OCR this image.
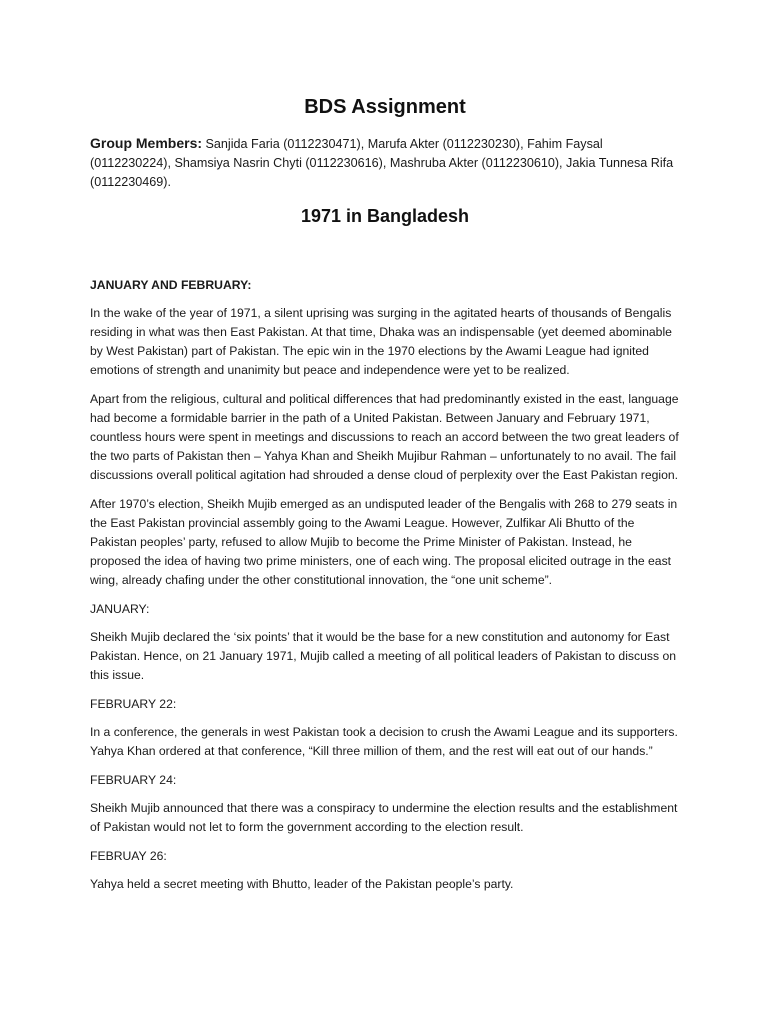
BDS Assignment

Group Members: Sanjida Faria (0112230471), Marufa Akter (0112230230), Fahim Faysal (0112230224), Shamsiya Nasrin Chyti (0112230616), Mashruba Akter (0112230610), Jakia Tunnesa Rifa (0112230469).

1971 in Bangladesh

JANUARY AND FEBRUARY:

In the wake of the year of 1971, a silent uprising was surging in the agitated hearts of thousands of Bengalis residing in what was then East Pakistan. At that time, Dhaka was an indispensable (yet deemed abominable by West Pakistan) part of Pakistan. The epic win in the 1970 elections by the Awami League had ignited emotions of strength and unanimity but peace and independence were yet to be realized.

Apart from the religious, cultural and political differences that had predominantly existed in the east, language had become a formidable barrier in the path of a United Pakistan. Between January and February 1971, countless hours were spent in meetings and discussions to reach an accord between the two great leaders of the two parts of Pakistan then – Yahya Khan and Sheikh Mujibur Rahman – unfortunately to no avail. The fail discussions overall political agitation had shrouded a dense cloud of perplexity over the East Pakistan region.

After 1970’s election, Sheikh Mujib emerged as an undisputed leader of the Bengalis with 268 to 279 seats in the East Pakistan provincial assembly going to the Awami League. However, Zulfikar Ali Bhutto of the Pakistan peoples’ party, refused to allow Mujib to become the Prime Minister of Pakistan. Instead, he proposed the idea of having two prime ministers, one of each wing. The proposal elicited outrage in the east wing, already chafing under the other constitutional innovation, the “one unit scheme”.

JANUARY:

Sheikh Mujib declared the ‘six points’ that it would be the base for a new constitution and autonomy for East Pakistan. Hence, on 21 January 1971, Mujib called a meeting of all political leaders of Pakistan to discuss on this issue.

FEBRUARY 22:

In a conference, the generals in west Pakistan took a decision to crush the Awami League and its supporters. Yahya Khan ordered at that conference, “Kill three million of them, and the rest will eat out of our hands.”

FEBRUARY 24:

Sheikh Mujib announced that there was a conspiracy to undermine the election results and the establishment of Pakistan would not let to form the government according to the election result.

FEBRUAY 26:

Yahya held a secret meeting with Bhutto, leader of the Pakistan people’s party.
